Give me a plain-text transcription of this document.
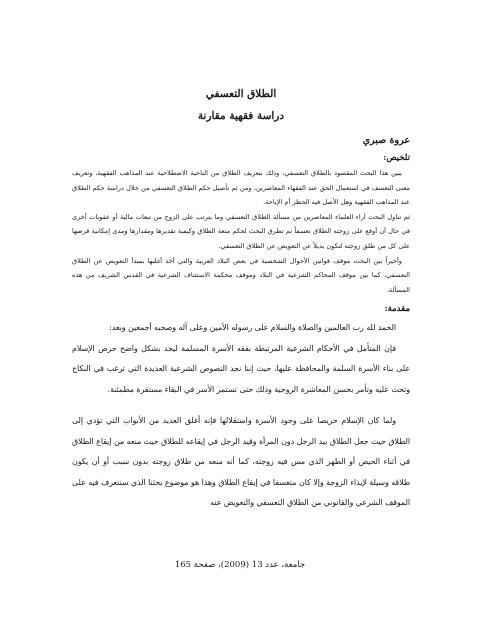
الطلاق التعسفي
دراسة فقهية مقارنة
عروة صبري
تلخيص:

يبين هذا البحث المقصود بالطلاق التعسفي، وذلك بتعريف الطلاق من الناحية الاصطلاحية عند المذاهب الفقهية، وتعريف معنى التعسف في استعمال الحق عند الفقهاء المعاصرين، ومن ثم تأصيل حكم الطلاق التعسفي من خلال دراسة حكم الطلاق عند المذاهب الفقهية وهل الأصل فيه الحظر أم الإباحة.

ثم تناول البحث آراء العلماء المعاصرين من مسألة الطلاق التعسفي وما يترتب على الزوج من تبعات مالية أو عقوبات أخرى في حال أن أوقع على زوجته الطلاق تعسفاً ثم تطرق البحث لحكم متعة الطلاق وكيفية تقديرها ومقدارها ومدى إمكانية فرضها على كل من طلق زوجته لتكون بديلاً عن التعويض عن الطلاق التعسفي.

وأخيراً بين البحث موقف قوانين الأحوال الشخصية في بعض البلاد العربية والتي أخذ أغلبها بمبدأ التعويض عن الطلاق التعسفي، كما بين موقف المحاكم الشرعية في البلاد وموقف محكمة الاستئناف الشرعية في القدس الشريف من هذه المسألة.

مقدمة:

الحمد لله رب العالمين والصلاة والسلام على رسوله الأمين وعلى آله وصحبه أجمعين وبعد:

فإن المتأمل في الأحكام الشرعية المرتبطة بفقه الأسرة المسلمة ليجد بشكل واضح حرص الإسلام على بناء الأسرة السلمة والمحافظة عليها، حيث إننا نجد النصوص الشرعية العديدة التي ترغب في النكاح وتحث عليه وتأمر بحسن المعاشرة الزوجية وذلك حتى تستمر الأسر في البقاء مستقرة مطمئنة.

ولما كان الإسلام حريصا على وجود الأسرة واستقلالها فإنه أغلق العديد من الأبواب التي تؤدي إلى الطلاق حيث جعل الطلاق بيد الرجل دون المرأة وقيد الرجل في إيقاعه للطلاق حيث منعه من إيقاع الطلاق في أثناء الحيض أو الطهر الذي مس فيه زوجته، كما أنه منعه من طلاق زوجته بدون سبب أو أن يكون طلاقه وسيلة لإيذاء الزوجة وإلا كان متعسفا في إيقاع الطلاق وهذا هو موضوع بحثنا الذي سنتعرف فيه على الموقف الشرعي والقانوني من الطلاق التعسفي والتعويض عنه

جامعة، عدد 13 (2009)، صفحة 165
